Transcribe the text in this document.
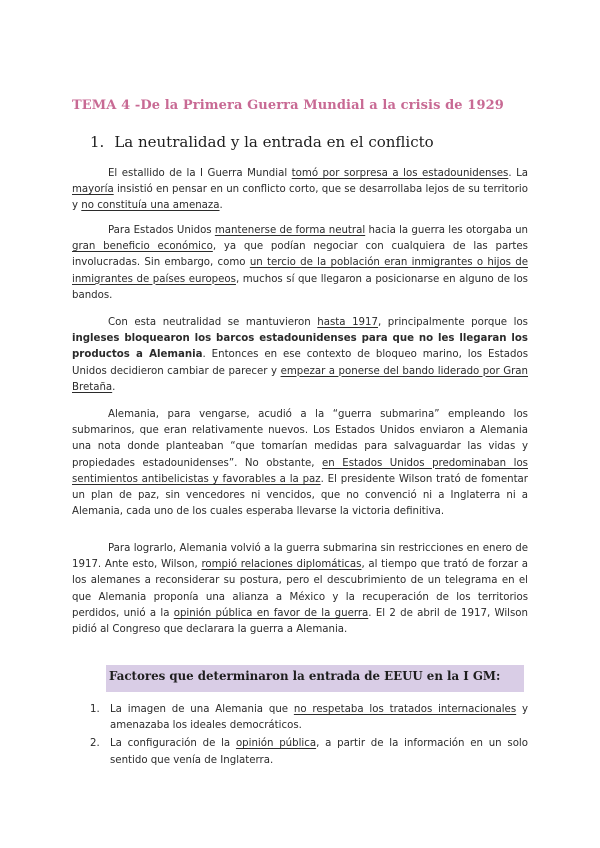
TEMA 4 -De la Primera Guerra Mundial a la crisis de 1929
1. La neutralidad y la entrada en el conflicto

El estallido de la I Guerra Mundial tomó por sorpresa a los estadounidenses. La mayoría insistió en pensar en un conflicto corto, que se desarrollaba lejos de su territorio y no constituía una amenaza.

Para Estados Unidos mantenerse de forma neutral hacia la guerra les otorgaba un gran beneficio económico, ya que podían negociar con cualquiera de las partes involucradas. Sin embargo, como un tercio de la población eran inmigrantes o hijos de inmigrantes de países europeos, muchos sí que llegaron a posicionarse en alguno de los bandos.

Con esta neutralidad se mantuvieron hasta 1917, principalmente porque los ingleses bloquearon los barcos estadounidenses para que no les llegaran los productos a Alemania. Entonces en ese contexto de bloqueo marino, los Estados Unidos decidieron cambiar de parecer y empezar a ponerse del bando liderado por Gran Bretaña.

Alemania, para vengarse, acudió a la “guerra submarina” empleando los submarinos, que eran relativamente nuevos. Los Estados Unidos enviaron a Alemania una nota donde planteaban “que tomarían medidas para salvaguardar las vidas y propiedades estadounidenses”. No obstante, en Estados Unidos predominaban los sentimientos antibelicistas y favorables a la paz. El presidente Wilson trató de fomentar un plan de paz, sin vencedores ni vencidos, que no convenció ni a Inglaterra ni a Alemania, cada uno de los cuales esperaba llevarse la victoria definitiva.

Para lograrlo, Alemania volvió a la guerra submarina sin restricciones en enero de 1917. Ante esto, Wilson, rompió relaciones diplomáticas, al tiempo que trató de forzar a los alemanes a reconsiderar su postura, pero el descubrimiento de un telegrama en el que Alemania proponía una alianza a México y la recuperación de los territorios perdidos, unió a la opinión pública en favor de la guerra. El 2 de abril de 1917, Wilson pidió al Congreso que declarara la guerra a Alemania.

Factores que determinaron la entrada de EEUU en la I GM:
1. La imagen de una Alemania que no respetaba los tratados internacionales y amenazaba los ideales democráticos.
2. La configuración de la opinión pública, a partir de la información en un solo sentido que venía de Inglaterra.
